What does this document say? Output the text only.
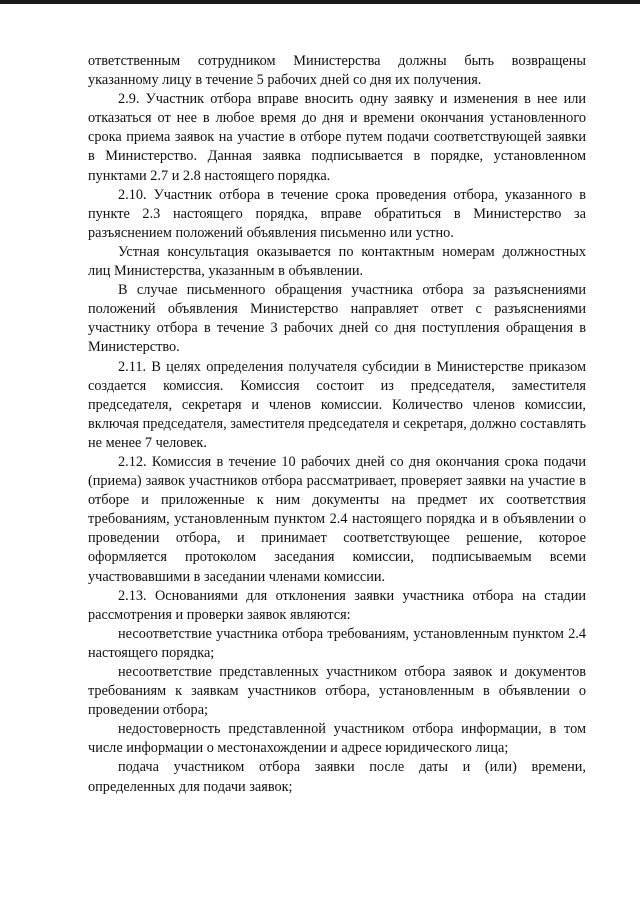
ответственным сотрудником Министерства должны быть возвращены указанному лицу в течение 5 рабочих дней со дня их получения.

2.9. Участник отбора вправе вносить одну заявку и изменения в нее или отказаться от нее в любое время до дня и времени окончания установленного срока приема заявок на участие в отборе путем подачи соответствующей заявки в Министерство. Данная заявка подписывается в порядке, установленном пунктами 2.7 и 2.8 настоящего порядка.

2.10. Участник отбора в течение срока проведения отбора, указанного в пункте 2.3 настоящего порядка, вправе обратиться в Министерство за разъяснением положений объявления письменно или устно.

Устная консультация оказывается по контактным номерам должностных лиц Министерства, указанным в объявлении.

В случае письменного обращения участника отбора за разъяснениями положений объявления Министерство направляет ответ с разъяснениями участнику отбора в течение 3 рабочих дней со дня поступления обращения в Министерство.

2.11. В целях определения получателя субсидии в Министерстве приказом создается комиссия. Комиссия состоит из председателя, заместителя председателя, секретаря и членов комиссии. Количество членов комиссии, включая председателя, заместителя председателя и секретаря, должно составлять не менее 7 человек.

2.12. Комиссия в течение 10 рабочих дней со дня окончания срока подачи (приема) заявок участников отбора рассматривает, проверяет заявки на участие в отборе и приложенные к ним документы на предмет их соответствия требованиям, установленным пунктом 2.4 настоящего порядка и в объявлении о проведении отбора, и принимает соответствующее решение, которое оформляется протоколом заседания комиссии, подписываемым всеми участвовавшими в заседании членами комиссии.

2.13. Основаниями для отклонения заявки участника отбора на стадии рассмотрения и проверки заявок являются:

несоответствие участника отбора требованиям, установленным пунктом 2.4 настоящего порядка;

несоответствие представленных участником отбора заявок и документов требованиям к заявкам участников отбора, установленным в объявлении о проведении отбора;

недостоверность представленной участником отбора информации, в том числе информации о местонахождении и адресе юридического лица;

подача участником отбора заявки после даты и (или) времени, определенных для подачи заявок;
